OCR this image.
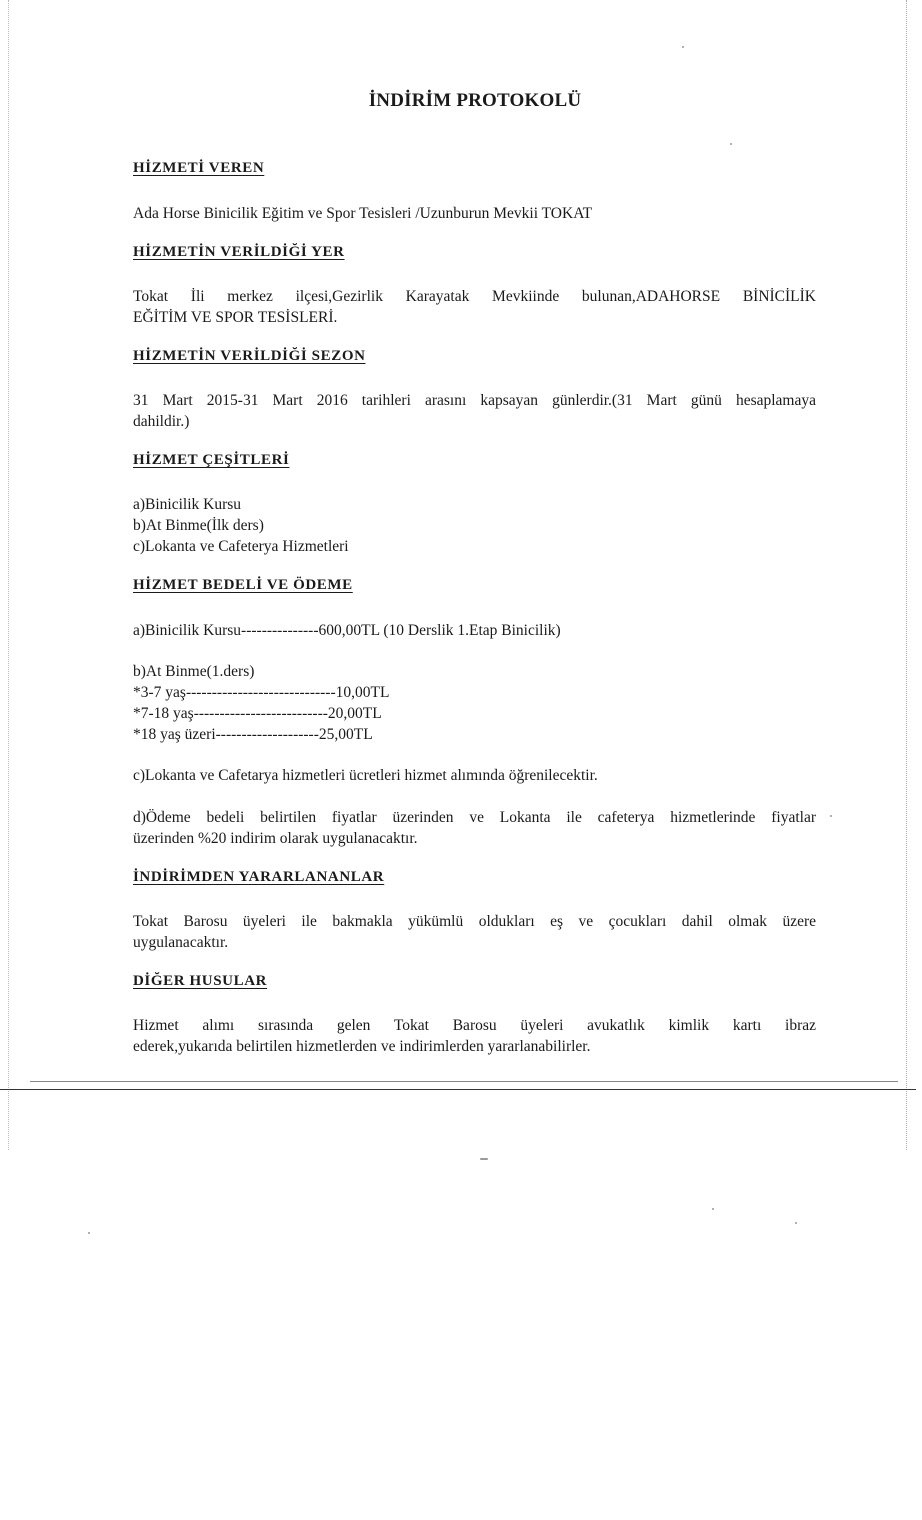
İNDİRİM PROTOKOLÜ
HİZMETİ VEREN
Ada Horse Binicilik Eğitim ve Spor Tesisleri /Uzunburun Mevkii TOKAT
HİZMETİN VERİLDİĞİ YER
Tokat İli merkez ilçesi,Gezirlik Karayatak Mevkiinde bulunan,ADAHORSE BİNİCİLİK
EĞİTİM VE SPOR TESİSLERİ.
HİZMETİN VERİLDİĞİ SEZON
31 Mart 2015-31 Mart 2016 tarihleri arasını kapsayan günlerdir.(31 Mart günü hesaplamaya
dahildir.)
HİZMET ÇEŞİTLERİ
a)Binicilik Kursu
b)At Binme(İlk ders)
c)Lokanta ve Cafeterya Hizmetleri
HİZMET BEDELİ VE ÖDEME
a)Binicilik Kursu---------------600,00TL (10 Derslik 1.Etap Binicilik)
b)At Binme(1.ders)
*3-7 yaş-----------------------------10,00TL
*7-18 yaş--------------------------20,00TL
*18 yaş üzeri--------------------25,00TL
c)Lokanta ve Cafetarya hizmetleri ücretleri hizmet alımında öğrenilecektir.
d)Ödeme bedeli belirtilen fiyatlar üzerinden ve Lokanta ile cafeterya hizmetlerinde fiyatlar
üzerinden %20 indirim olarak uygulanacaktır.
İNDİRİMDEN YARARLANANLAR
Tokat Barosu üyeleri ile bakmakla yükümlü oldukları eş ve çocukları dahil olmak üzere
uygulanacaktır.
DİĞER HUSULAR
Hizmet alımı sırasında gelen Tokat Barosu üyeleri avukatlık kimlik kartı ibraz
ederek,yukarıda belirtilen hizmetlerden ve indirimlerden yararlanabilirler.
